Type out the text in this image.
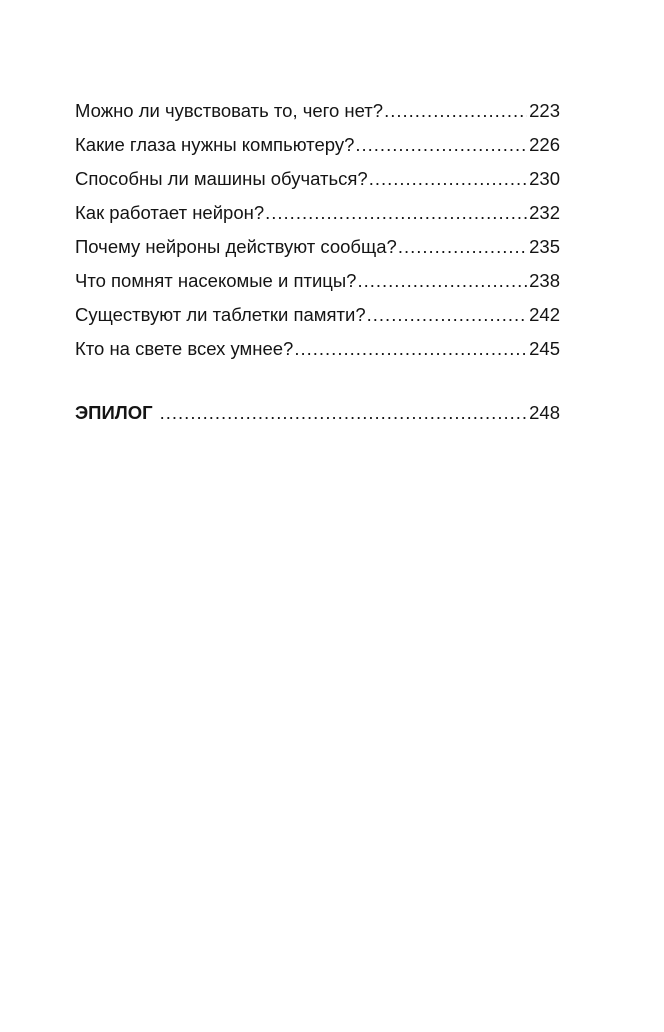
Можно ли чувствовать то, чего нет? .....	223
Какие глаза нужны компьютеру? .....	226
Способны ли машины обучаться? .....	230
Как работает нейрон? .....	232
Почему нейроны действуют сообща? .....	235
Что помнят насекомые и птицы? .....	238
Существуют ли таблетки памяти? .....	242
Кто на свете всех умнее? .....	245
ЭПИЛОГ .....	248
